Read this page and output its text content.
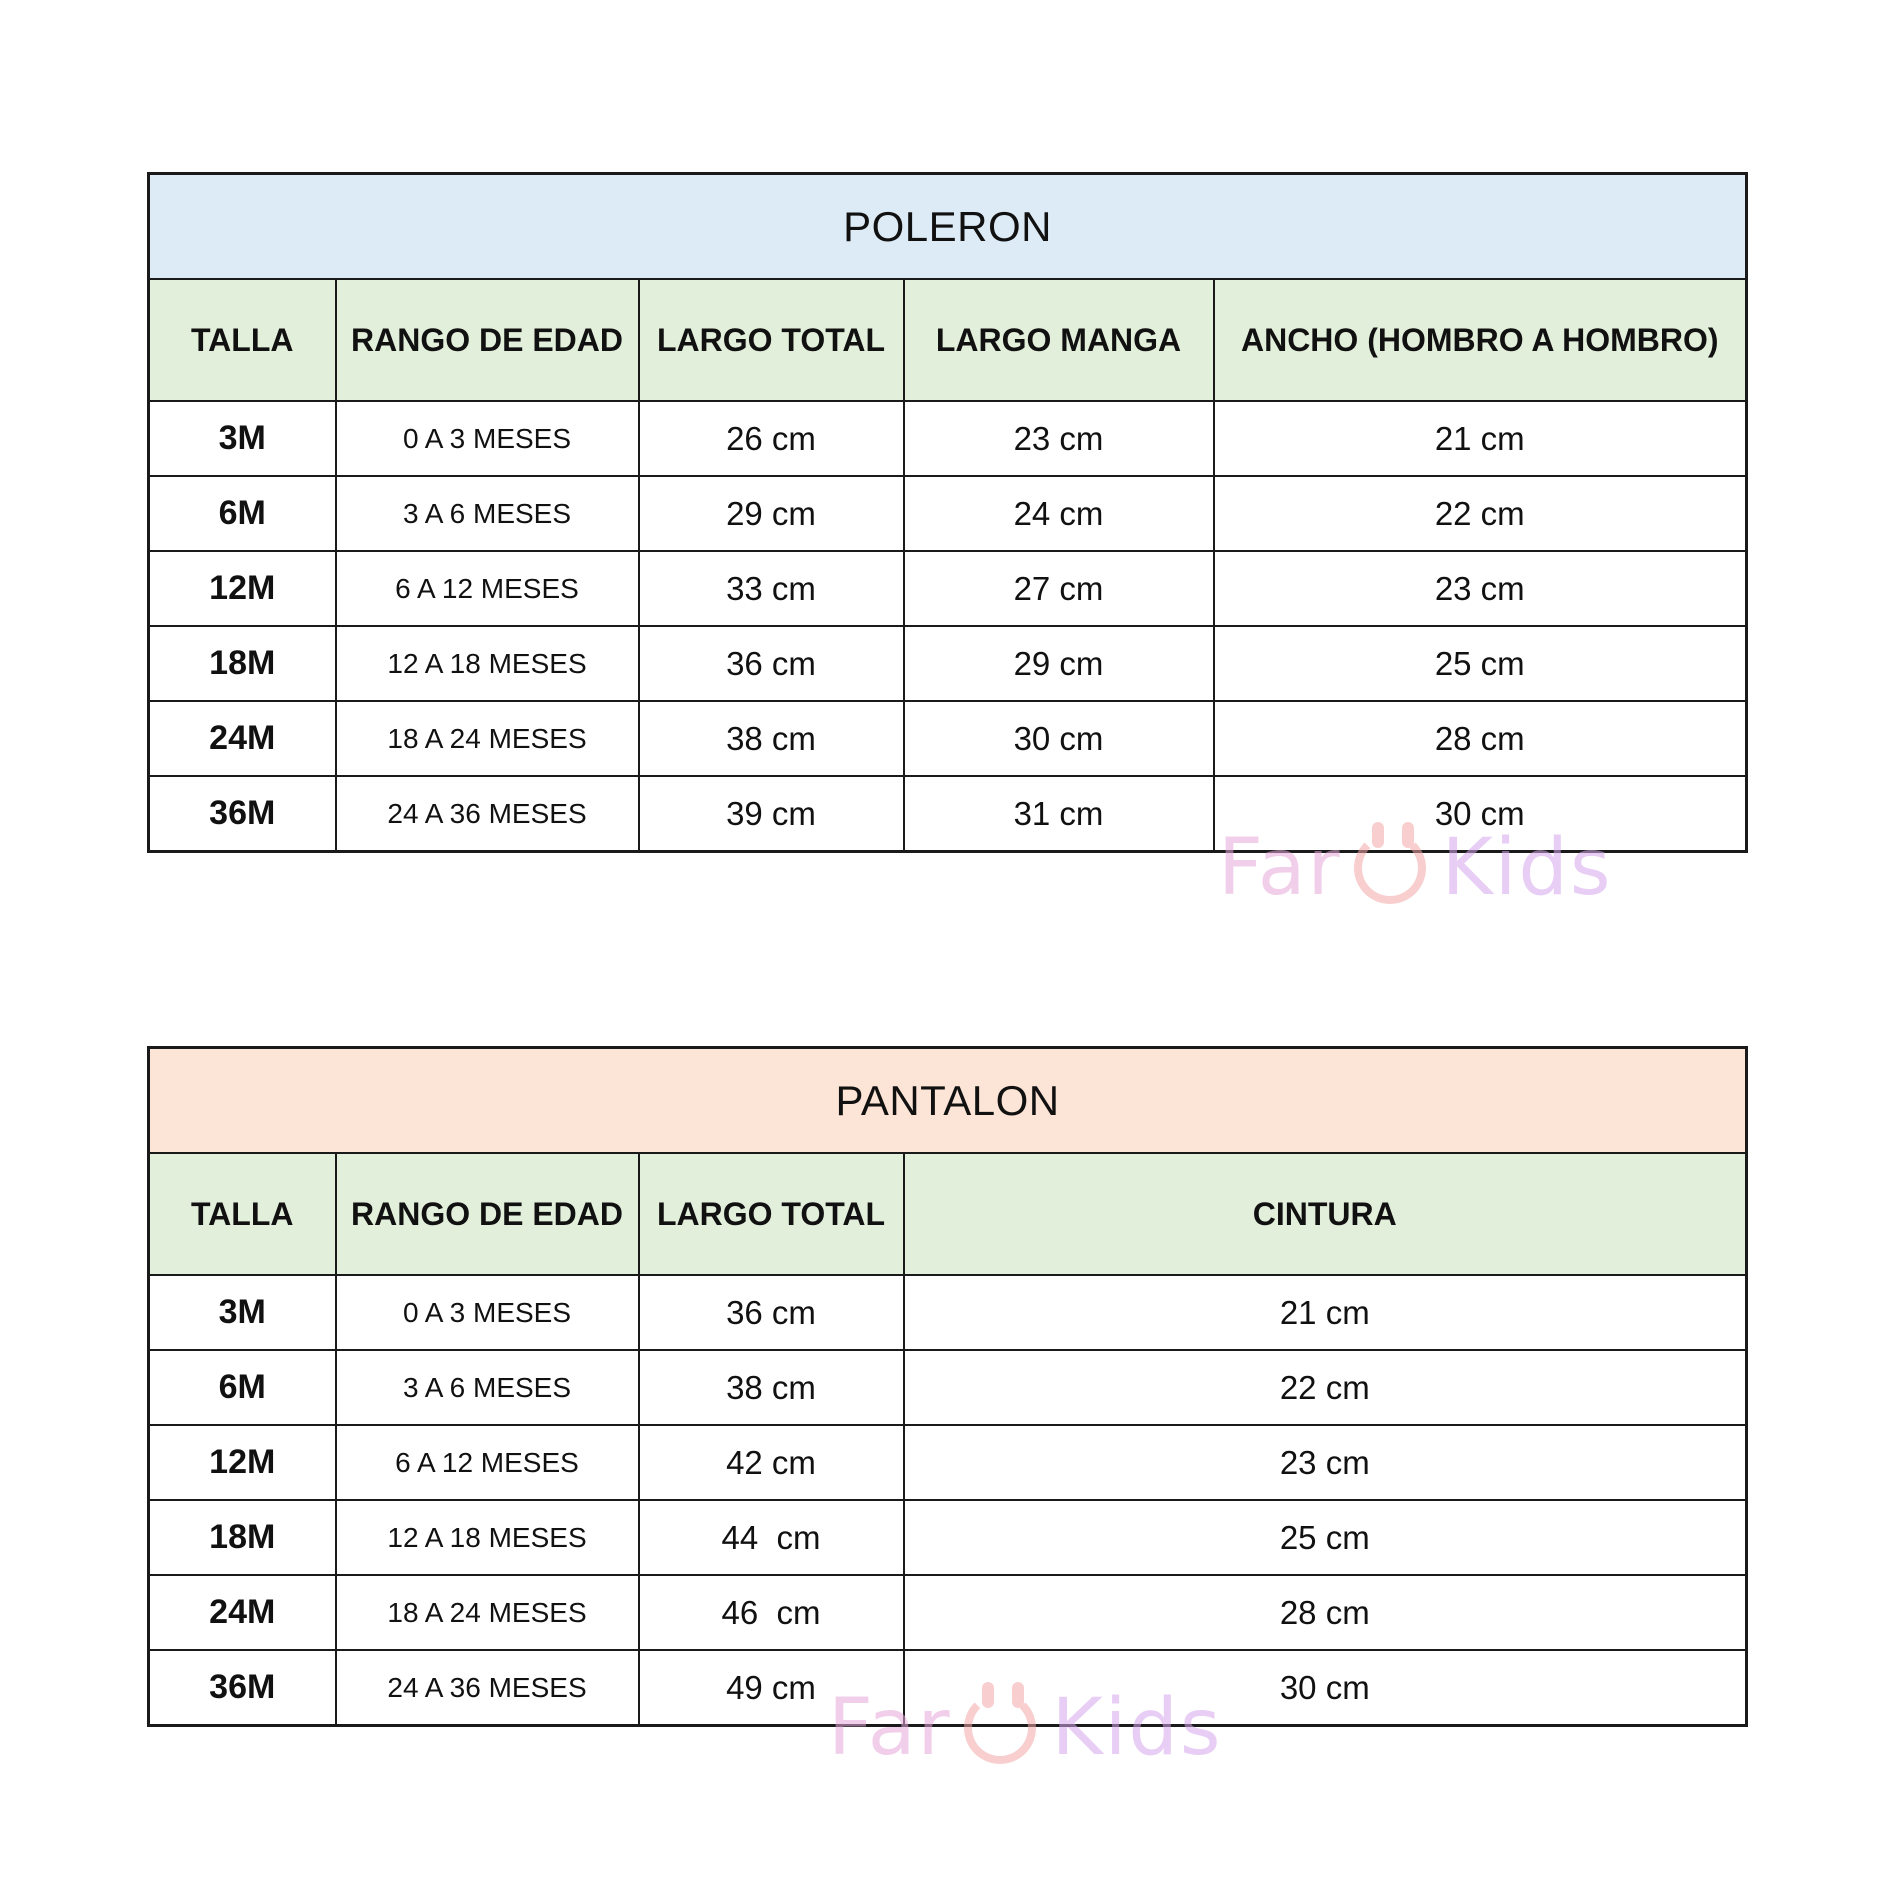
POLERON				
TALLA	RANGO DE EDAD	LARGO TOTAL	LARGO MANGA	ANCHO (HOMBRO A HOMBRO)
3M	0 A 3 MESES	26 cm	23 cm	21 cm
6M	3 A 6 MESES	29 cm	24 cm	22 cm
12M	6 A 12 MESES	33 cm	27 cm	23 cm
18M	12 A 18 MESES	36 cm	29 cm	25 cm
24M	18 A 24 MESES	38 cm	30 cm	28 cm
36M	24 A 36 MESES	39 cm	31 cm	30 cm
PANTALON			
TALLA	RANGO DE EDAD	LARGO TOTAL	CINTURA
3M	0 A 3 MESES	36 cm	21 cm
6M	3 A 6 MESES	38 cm	22 cm
12M	6 A 12 MESES	42 cm	23 cm
18M	12 A 18 MESES	44  cm	25 cm
24M	18 A 24 MESES	46  cm	28 cm
36M	24 A 36 MESES	49 cm	30 cm
Far Kids
Far Kids
